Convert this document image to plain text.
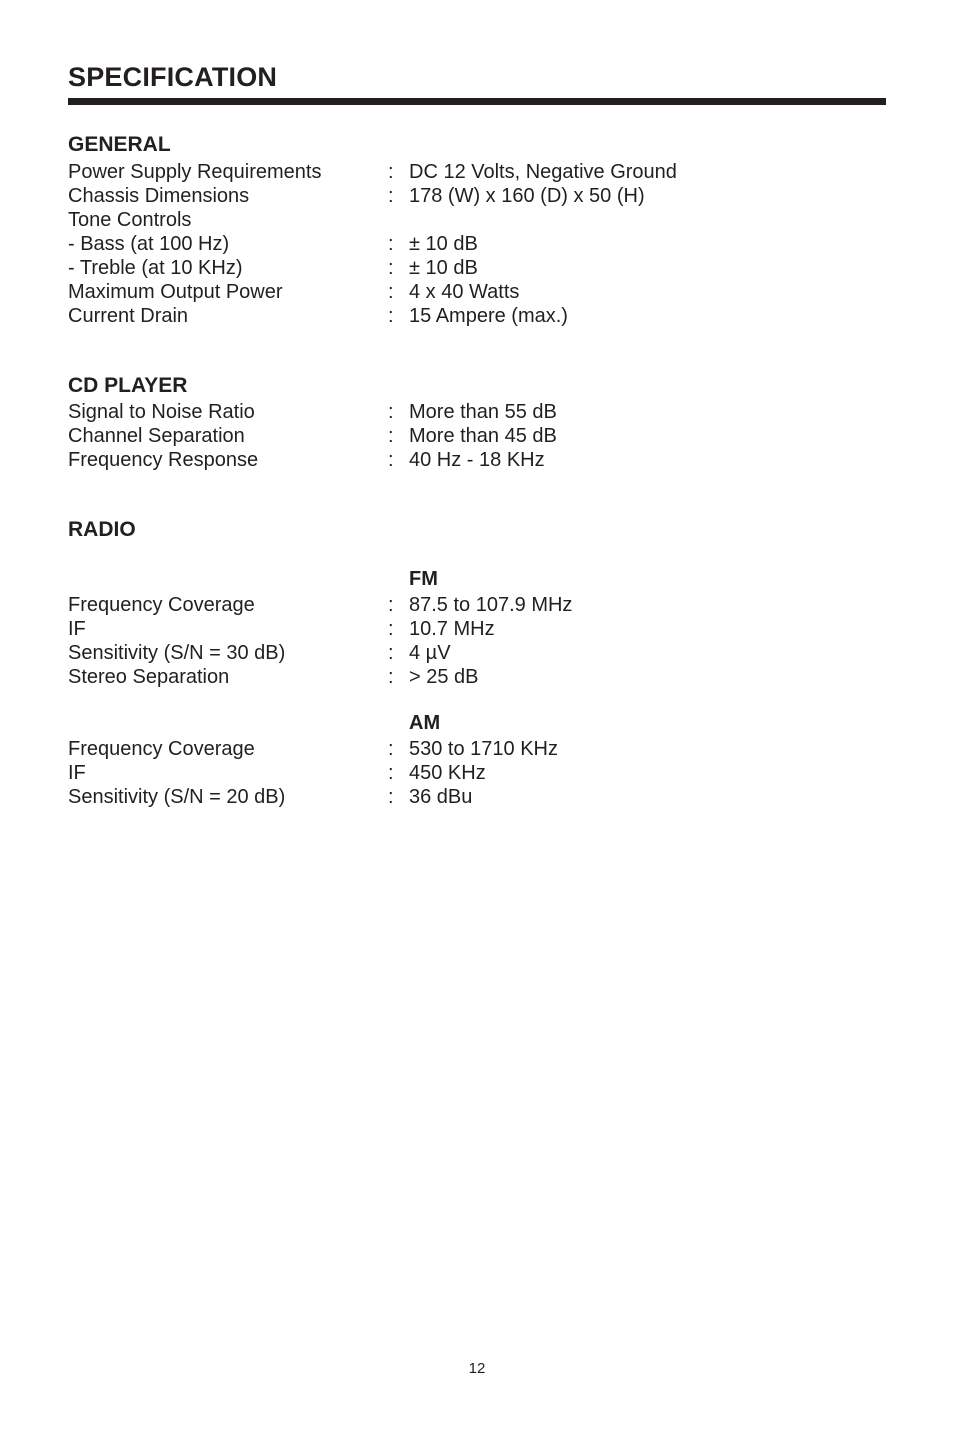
SPECIFICATION
GENERAL
Power Supply Requirements	: DC 12 Volts, Negative Ground
Chassis Dimensions	: 178 (W) x 160 (D) x 50 (H)
Tone Controls
- Bass (at 100 Hz)	: ± 10 dB
- Treble (at 10 KHz)	: ± 10 dB
Maximum Output Power	: 4 x 40 Watts
Current Drain	: 15 Ampere (max.)
CD PLAYER
Signal to Noise Ratio	: More than 55 dB
Channel Separation	: More than 45 dB
Frequency Response	: 40 Hz - 18 KHz
RADIO
FM
Frequency Coverage	: 87.5 to 107.9 MHz
IF	: 10.7 MHz
Sensitivity (S/N = 30 dB)	: 4 µV
Stereo Separation	: > 25 dB
AM
Frequency Coverage	: 530 to 1710 KHz
IF	: 450 KHz
Sensitivity (S/N = 20 dB)	: 36 dBu
12
